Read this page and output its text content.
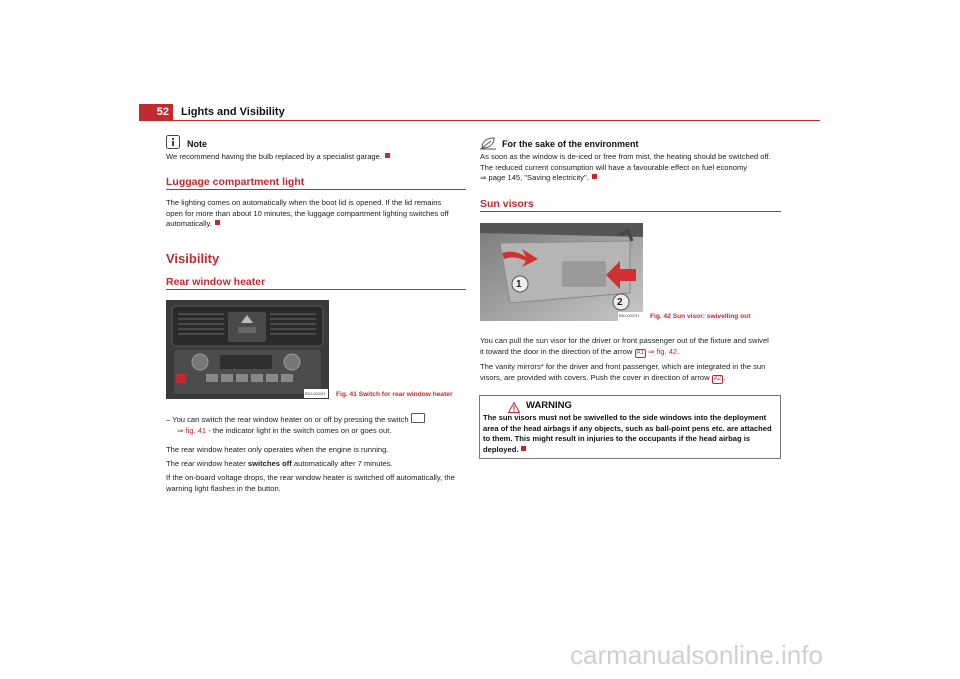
52	Lights and Visibility
Note
We recommend having the bulb replaced by a specialist garage.
Luggage compartment light
The lighting comes on automatically when the boot lid is opened. If the lid remains
open for more than about 10 minutes, the luggage compartment lighting switches off
automatically.
Visibility
Rear window heater
B5J-0031H Fig. 41 Switch for rear window heater
– You can switch the rear window heater on or off by pressing the switch
⇒ fig. 41 - the indicator light in the switch comes on or goes out.
The rear window heater only operates when the engine is running.
The rear window heater switches off automatically after 7 minutes.
If the on-board voltage drops, the rear window heater is switched off automatically, the
warning light flashes in the button.
For the sake of the environment
As soon as the window is de-iced or free from mist, the heating should be switched off.
The reduced current consumption will have a favourable effect on fuel economy
⇒ page 145, "Saving electricity".
Sun visors
1
2
B5J-0007H Fig. 42 Sun visor: swivelling out
You can pull the sun visor for the driver or front passenger out of the fixture and swivel
it toward the door in the direction of the arrow A1 ⇒ fig. 42.
The vanity mirrors* for the driver and front passenger, which are integrated in the sun
visors, are provided with covers. Push the cover in direction of arrow A2 .
WARNING
The sun visors must not be swivelled to the side windows into the deployment
area of the head airbags if any objects, such as ball-point pens etc. are attached
to them. This might result in injuries to the occupants if the head airbag is
deployed.
carmanualsonline.info
